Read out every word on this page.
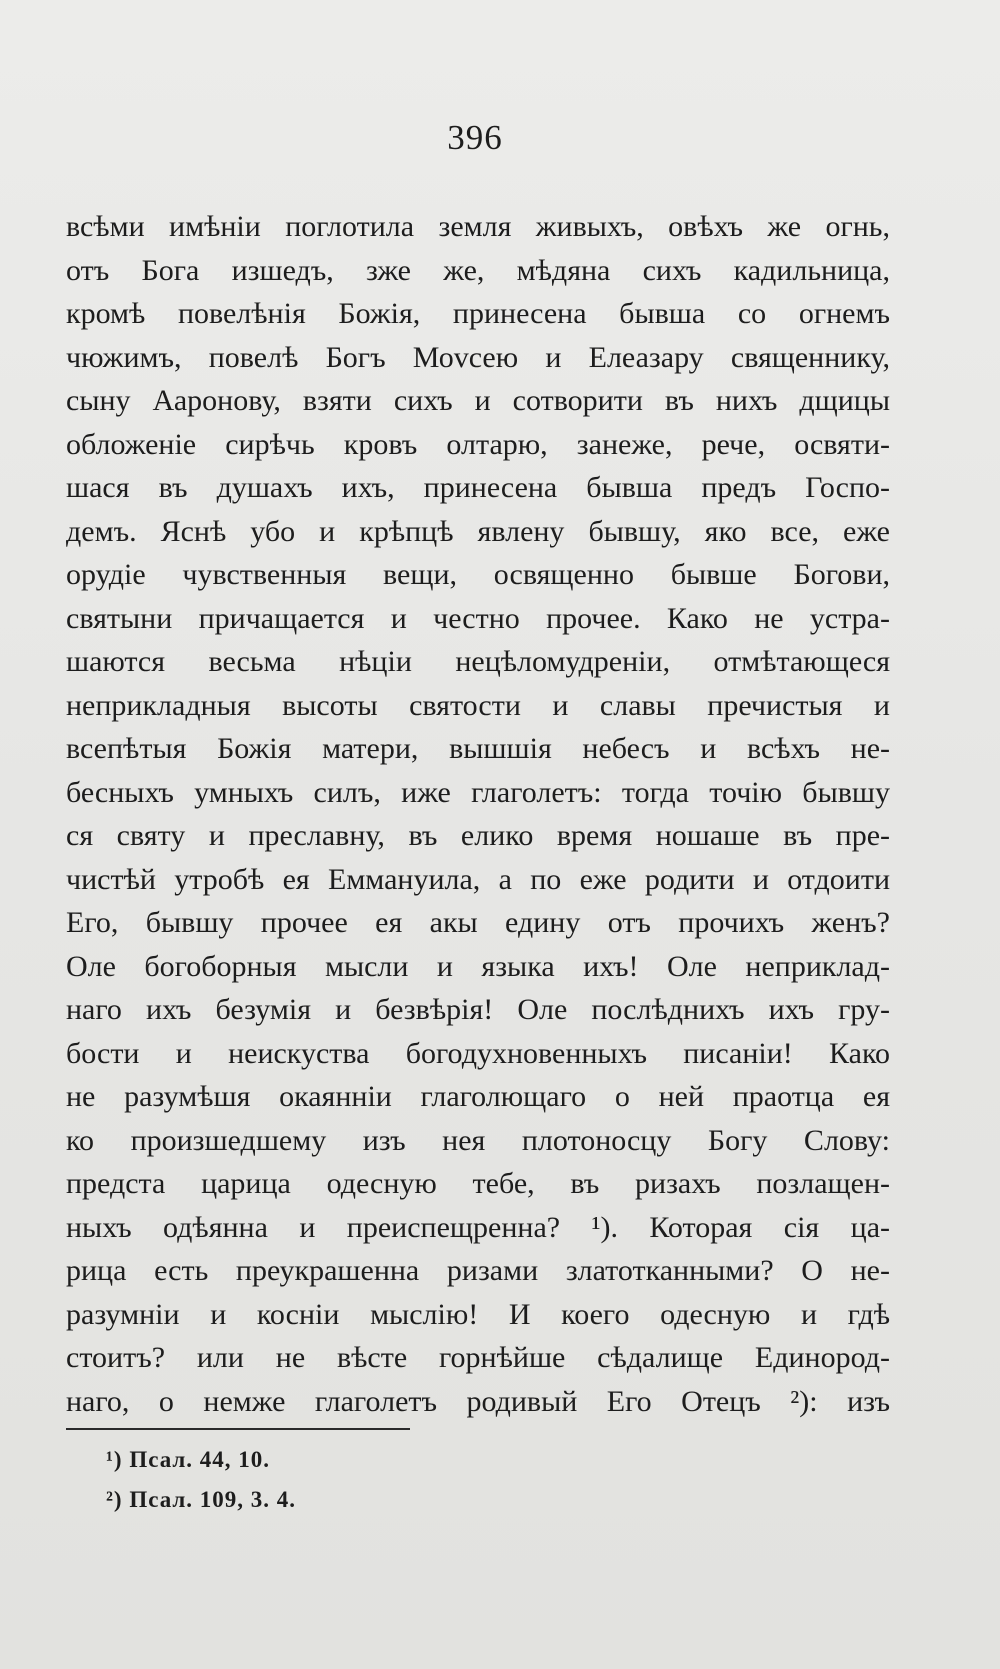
396
всѣми имѣніи поглотила земля живыхъ, овѣхъ же огнь,
отъ Бога изшедъ, зже же, мѣдяна сихъ кадильница,
кромѣ повелѣнія Божія, принесена бывша со огнемъ
чюжимъ, повелѣ Богъ Моvсею и Елеазару священнику,
сыну Ааронову, взяти сихъ и сотворити въ нихъ дщицы
обложеніе сирѣчь кровъ олтарю, занеже, рече, освяти-
шася въ душахъ ихъ, принесена бывша предъ Госпо-
демъ. Яснѣ убо и крѣпцѣ явлену бывшу, яко все, еже
орудіе чувственныя вещи, освященно бывше Богови,
святыни причащается и честно прочее. Како не устра-
шаются весьма нѣціи нецѣломудреніи, отмѣтающеся
неприкладныя высоты святости и славы пречистыя и
всепѣтыя Божія матери, вышшія небесъ и всѣхъ не-
бесныхъ умныхъ силъ, иже глаголетъ: тогда точію бывшу
ся святу и преславну, въ елико время ношаше въ пре-
чистѣй утробѣ ея Еммануила, а по еже родити и отдоити
Его, бывшу прочее ея акы едину отъ прочихъ женъ?
Оле богоборныя мысли и языка ихъ! Оле неприклад-
наго ихъ безумія и безвѣрія! Оле послѣднихъ ихъ гру-
бости и неискуства богодухновенныхъ писаніи! Како
не разумѣшя окаянніи глаголющаго о ней праотца ея
ко произшедшему изъ нея плотоносцу Богу Слову:
предста царица одесную тебе, въ ризахъ позлащен-
ныхъ одѣянна и преиспещренна? ¹). Которая сія ца-
рица есть преукрашенна ризами златотканными? О не-
разумніи и косніи мыслію! И коего одесную и гдѣ
стоитъ? или не вѣсте горнѣйше сѣдалище Единород-
наго, о немже глаголетъ родивый Его Отецъ ²): изъ
¹) Псал. 44, 10.
²) Псал. 109, 3. 4.
